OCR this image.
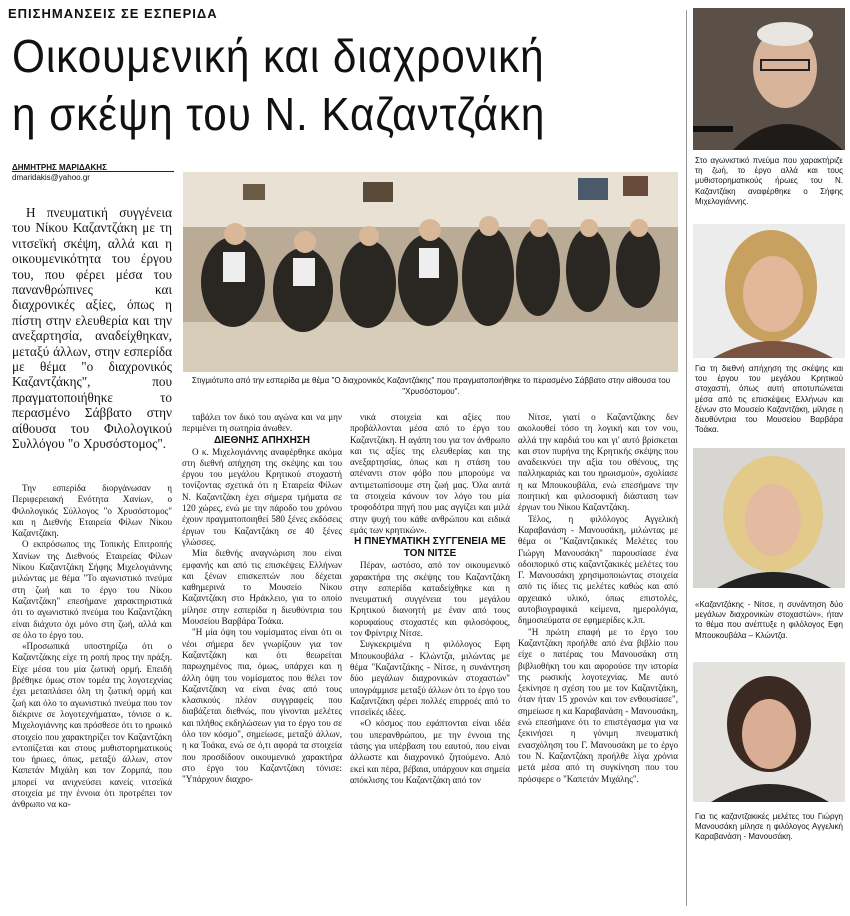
ΕΠΙΣΗΜΑΝΣΕΙΣ ΣΕ ΕΣΠΕΡΙΔΑ
Οικουμενική και διαχρονική
η σκέψη του Ν. Καζαντζάκη
ΔΗΜΗΤΡΗΣ ΜΑΡΙΔΑΚΗΣ
dmaridakis@yahoo.gr

Η πνευματική συγγένεια του Νίκου Καζαντζάκη με τη νιτσεϊκή σκέψη, αλλά και η οικουμενικότητα του έργου του, που φέρει μέσα του πανανθρώπινες και διαχρονικές αξίες, όπως η πίστη στην ελευθερία και την ανεξαρτησία, αναδείχθηκαν, μεταξύ άλλων, στην εσπερίδα με θέμα "ο διαχρονικός Καζαντζάκης", που πραγματοποιήθηκε το περασμένο Σάββατο στην αίθουσα του Φιλολογικού Συλλόγου "ο Χρυσόστομος".

Στιγμιότυπο από την εσπερίδα με θέμα "Ο διαχρονικός Καζαντζάκης" που πραγματοποιήθηκε το περασμένο Σάββατο στην αίθουσα του "Χρυσόστομου".

Την εσπερίδα διοργάνωσαν η Περιφερειακή Ενότητα Χανίων, ο Φιλολογικός Σύλλογος "ο Χρυσόστομος" και η Διεθνής Εταιρεία Φίλων Νίκου Καζαντζάκη.

Ο εκπρόσωπος της Τοπικής Επιτροπής Χανίων της Διεθνούς Εταιρείας Φίλων Νίκου Καζαντζάκη Σήφης Μιχελογιάννης μιλώντας με θέμα "Το αγωνιστικό πνεύμα στη ζωή και το έργο του Νίκου Καζαντζάκη" επεσήμανε χαρακτηριστικά ότι το αγωνιστικό πνεύμα του Καζαντζάκη είναι διάχυτο όχι μόνο στη ζωή, αλλά και σε όλο το έργο του.

«Προσωπικά υποστηρίζω ότι ο Καζαντζάκης είχε τη ροπή προς την πράξη. Είχε μέσα του μία ζωτική ορμή. Επειδή βρέθηκε όμως στον τομέα της λογοτεχνίας έχει μεταπλάσει όλη τη ζωτική ορμή και ζωή και όλο το αγωνιστικό πνεύμα που τον διέκρινε σε λογοτεχνήματα», τόνισε ο κ. Μιχελογιάννης και πρόσθεσε ότι το ηρωικό στοιχείο που χαρακτηρίζει τον Καζαντζάκη εντοπίζεται και στους μυθιστορηματικούς του ήρωες, όπως, μεταξύ άλλων, στον Καπετάν Μιχάλη και τον Ζορμπά, που μπορεί να ανιχνεύσει κανείς νιτσεϊκά στοιχεία με την έννοια ότι προτρέπει τον άνθρωπο να κα-

ταβάλει τον δικό του αγώνα και να μην περιμένει τη σωτηρία άνωθεν.

ΔΙΕΘΝΗΣ ΑΠΗΧΗΣΗ

Ο κ. Μιχελογιάννης αναφέρθηκε ακόμα στη διεθνή απήχηση της σκέψης και του έργου του μεγάλου Κρητικού στοχαστή τονίζοντας σχετικά ότι η Εταιρεία Φίλων Ν. Καζαντζάκη έχει σήμερα τμήματα σε 120 χώρες, ενώ με την πάροδο του χρόνου έχουν πραγματοποιηθεί 580 ξένες εκδόσεις έργων του Καζαντζάκη σε 40 ξένες γλώσσες.

Μία διεθνής αναγνώριση που είναι εμφανής και από τις επισκέψεις Ελλήνων και ξένων επισκεπτών που δέχεται καθημερινά το Μουσείο Νίκου Καζαντζάκη στο Ηράκλειο, για το οποίο μίλησε στην εσπερίδα η διευθύντρια του Μουσείου Βαρβάρα Τοάκα.

"Η μία όψη του νομίσματος είναι ότι οι νέοι σήμερα δεν γνωρίζουν για τον Καζαντζάκη και ότι θεωρείται παρωχημένος πια, όμως, υπάρχει και η άλλη όψη του νομίσματος που θέλει τον Καζαντζάκη να είναι ένας από τους κλασικούς πλέον συγγραφείς που διαβάζεται διεθνώς, που γίνονται μελέτες και πλήθος εκδηλώσεων για το έργο του σε όλο τον κόσμο", σημείωσε, μεταξύ άλλων, η κα Τοάκα, ενώ σε ό,τι αφορά τα στοιχεία που προσδίδουν οικουμενικό χαρακτήρα στο έργο του Καζαντζάκη τόνισε: "Υπάρχουν διαχρο-

νικά στοιχεία και αξίες που προβάλλονται μέσα από το έργο του Καζαντζάκη. Η αγάπη του για τον άνθρωπο και τις αξίες της ελευθερίας και της ανεξαρτησίας, όπως και η στάση του απέναντι στον φόβο που μπορούμε να αντιμετωπίσουμε στη ζωή μας. Όλα αυτά τα στοιχεία κάνουν τον λόγο του μία τροφοδότρα πηγή που μας αγγίζει και μιλά στην ψυχή του κάθε ανθρώπου και ειδικά εμάς των κρητικών».

Η ΠΝΕΥΜΑΤΙΚΗ ΣΥΓΓΕΝΕΙΑ ΜΕ ΤΟΝ ΝΙΤΣΕ

Πέραν, ωστόσο, από τον οικουμενικό χαρακτήρα της σκέψης του Καζαντζάκη στην εσπερίδα καταδείχθηκε και η πνευματική συγγένεια του μεγάλου Κρητικού διανοητή με έναν από τους κορυφαίους στοχαστές και φιλοσόφους, τον Φρίντριχ Νίτσε.

Συγκεκριμένα η φιλόλογος Εφη Μπουκουβάλα - Κλώντζα, μιλώντας με θέμα "Καζαντζάκης - Νίτσε, η συνάντηση δύο μεγάλων διαχρονικών στοχαστών" υπογράμμισε μεταξύ άλλων ότι το έργο του Καζαντζάκη φέρει πολλές επιρροές από το νιτσεϊκές ιδέες.

«Ο κόσμος που εφάπτονται είναι ιδέα του υπερανθρώπου, με την έννοια της τάσης για υπέρβαση του εαυτού, που είναι άλλωστε και διαχρονικό ζητούμενο. Από εκεί και πέρα, βέβαια, υπάρχουν και σημεία απόκλισης του Καζαντζάκη από τον

Νίτσε, γιατί ο Καζαντζάκης δεν ακολουθεί τόσο τη λογική και τον νου, αλλά την καρδιά του και γι' αυτό βρίσκεται και στον πυρήνα της Κρητικής σκέψης που αναδεικνύει την αξία του σθένους, της παλληκαριάς και του ηρωισμού», σχολίασε η κα Μπουκουβάλα, ενώ επεσήμανε την ποιητική και φιλοσοφική διάσταση των έργων του Νίκου Καζαντζάκη.

Τέλος, η φιλόλογος Αγγελική Καραβανάση - Μανουσάκη, μιλώντας με θέμα οι "Καζαντζακικές Μελέτες του Γιώργη Μανουσάκη" παρουσίασε ένα οδοιπορικό στις καζαντζακικές μελέτες του Γ. Μανουσάκη χρησιμοποιώντας στοιχεία από τις ίδιες τις μελέτες καθώς και από αρχειακό υλικό, όπως επιστολές, αυτοβιογραφικά κείμενα, ημερολόγια, δημοσιεύματα σε εφημερίδες κ.λπ.

"Η πρώτη επαφή με το έργο του Καζαντζάκη προήλθε από ένα βιβλίο που είχε ο πατέρας του Μανουσάκη στη βιβλιοθήκη του και αφορούσε την ιστορία της ρωσικής λογοτεχνίας. Με αυτό ξεκίνησε η σχέση του με τον Καζαντζάκη, όταν ήταν 15 χρονών και τον ενθουσίασε", σημείωσε η κα Καραβανάση - Μανουσάκη, ενώ επεσήμανε ότι το επιστέγασμα για να ξεκινήσει η γόνιμη πνευματική ενασχόληση του Γ. Μανουσάκη με το έργο του Ν. Καζαντζάκη προήλθε λίγα χρόνια μετά μέσα από τη συγκίνηση που του πρόσφερε ο "Καπετάν Μιχάλης".

Στο αγωνιστικό πνεύμα που χαρακτήριζε τη ζωή, το έργο αλλά και τους μυθιστορηματικούς ήρωες του Ν. Καζαντζάκη αναφέρθηκε ο Σήφης Μιχελογιάννης.
Για τη διεθνή απήχηση της σκέψης και του έργου του μεγάλου Κρητικού στοχαστή, όπως αυτή αποτυπώνεται μέσα από τις επισκέψεις Ελλήνων και ξένων στο Μουσείο Καζαντζάκη, μίλησε η διευθύντρια του Μουσείου Βαρβάρα Τοάκα.
«Καζαντζάκης - Νίτσε, η συνάντηση δύο μεγάλων διαχρονικών στοχαστών», ήταν το θέμα που ανέπτυξε η φιλόλογος Εφη Μπουκουβάλα – Κλώντζα.
Για τις καζαντζακικές μελέτες του Γιώργη Μανουσάκη μίλησε η φιλόλογος Αγγελική Καραβανάση - Μανουσάκη.
